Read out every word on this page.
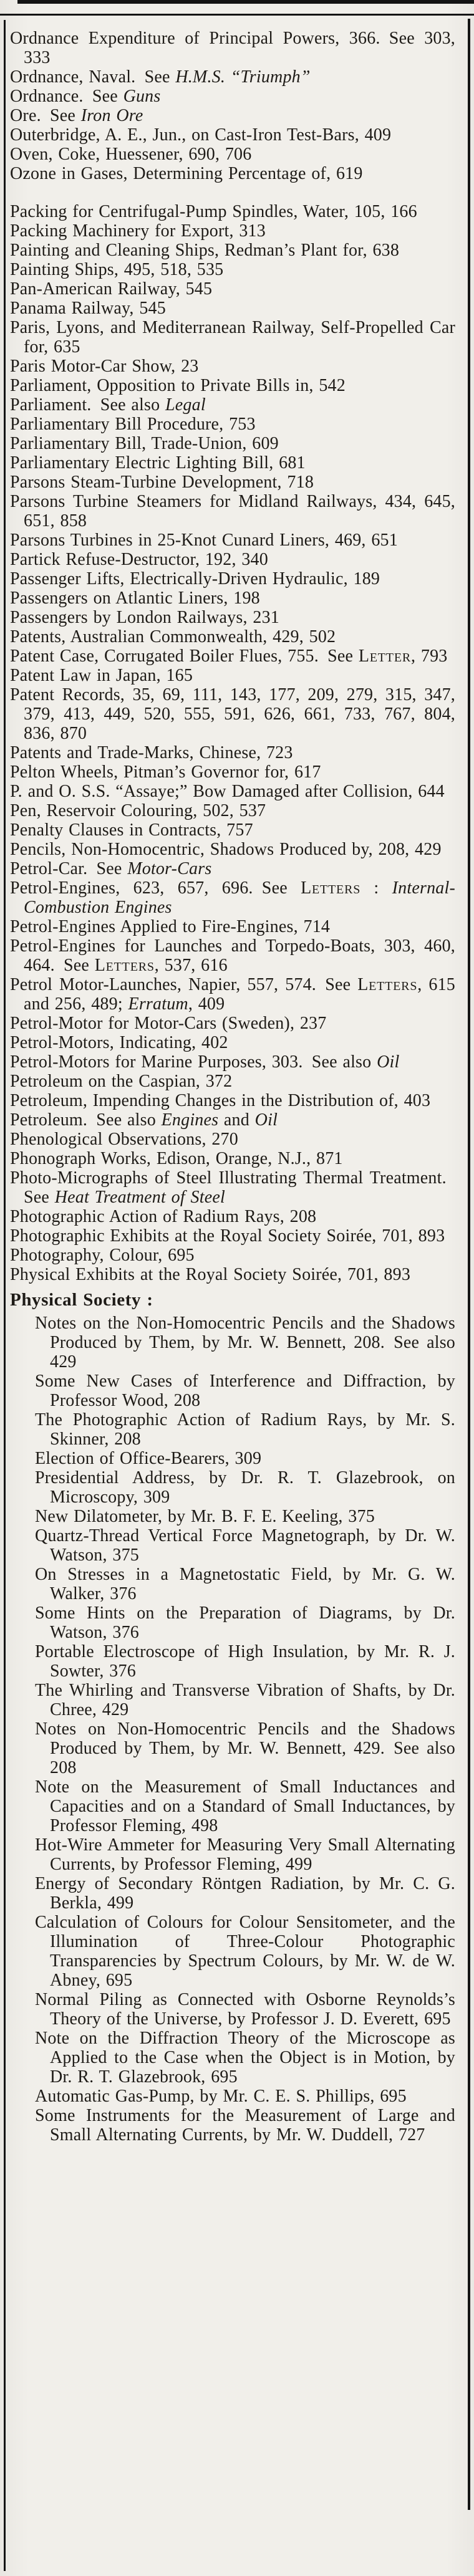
Ordnance Expenditure of Principal Powers, 366. See 303, 333
Ordnance, Naval. See H.M.S. “Triumph”
Ordnance. See Guns
Ore. See Iron Ore
Outerbridge, A. E., Jun., on Cast-Iron Test-Bars, 409
Oven, Coke, Huessener, 690, 706
Ozone in Gases, Determining Percentage of, 619
Packing for Centrifugal-Pump Spindles, Water, 105, 166
Packing Machinery for Export, 313
Painting and Cleaning Ships, Redman’s Plant for, 638
Painting Ships, 495, 518, 535
Pan-American Railway, 545
Panama Railway, 545
Paris, Lyons, and Mediterranean Railway, Self-Propelled Car for, 635
Paris Motor-Car Show, 23
Parliament, Opposition to Private Bills in, 542
Parliament. See also Legal
Parliamentary Bill Procedure, 753
Parliamentary Bill, Trade-Union, 609
Parliamentary Electric Lighting Bill, 681
Parsons Steam-Turbine Development, 718
Parsons Turbine Steamers for Midland Railways, 434, 645, 651, 858
Parsons Turbines in 25-Knot Cunard Liners, 469, 651
Partick Refuse-Destructor, 192, 340
Passenger Lifts, Electrically-Driven Hydraulic, 189
Passengers on Atlantic Liners, 198
Passengers by London Railways, 231
Patents, Australian Commonwealth, 429, 502
Patent Case, Corrugated Boiler Flues, 755. See Letter, 793
Patent Law in Japan, 165
Patent Records, 35, 69, 111, 143, 177, 209, 279, 315, 347, 379, 413, 449, 520, 555, 591, 626, 661, 733, 767, 804, 836, 870
Patents and Trade-Marks, Chinese, 723
Pelton Wheels, Pitman’s Governor for, 617
P. and O. S.S. “Assaye;” Bow Damaged after Collision, 644
Pen, Reservoir Colouring, 502, 537
Penalty Clauses in Contracts, 757
Pencils, Non-Homocentric, Shadows Produced by, 208, 429
Petrol-Car. See Motor-Cars
Petrol-Engines, 623, 657, 696. See Letters : Internal-Combustion Engines
Petrol-Engines Applied to Fire-Engines, 714
Petrol-Engines for Launches and Torpedo-Boats, 303, 460, 464. See Letters, 537, 616
Petrol Motor-Launches, Napier, 557, 574. See Letters, 615 and 256, 489; Erratum, 409
Petrol-Motor for Motor-Cars (Sweden), 237
Petrol-Motors, Indicating, 402
Petrol-Motors for Marine Purposes, 303. See also Oil
Petroleum on the Caspian, 372
Petroleum, Impending Changes in the Distribution of, 403
Petroleum. See also Engines and Oil
Phenological Observations, 270
Phonograph Works, Edison, Orange, N.J., 871
Photo-Micrographs of Steel Illustrating Thermal Treatment. See Heat Treatment of Steel
Photographic Action of Radium Rays, 208
Photographic Exhibits at the Royal Society Soirée, 701, 893
Photography, Colour, 695
Physical Exhibits at the Royal Society Soirée, 701, 893
Physical Society :
Notes on the Non-Homocentric Pencils and the Shadows Produced by Them, by Mr. W. Bennett, 208. See also 429
Some New Cases of Interference and Diffraction, by Professor Wood, 208
The Photographic Action of Radium Rays, by Mr. S. Skinner, 208
Election of Office-Bearers, 309
Presidential Address, by Dr. R. T. Glazebrook, on Microscopy, 309
New Dilatometer, by Mr. B. F. E. Keeling, 375
Quartz-Thread Vertical Force Magnetograph, by Dr. W. Watson, 375
On Stresses in a Magnetostatic Field, by Mr. G. W. Walker, 376
Some Hints on the Preparation of Diagrams, by Dr. Watson, 376
Portable Electroscope of High Insulation, by Mr. R. J. Sowter, 376
The Whirling and Transverse Vibration of Shafts, by Dr. Chree, 429
Notes on Non-Homocentric Pencils and the Shadows Produced by Them, by Mr. W. Bennett, 429. See also 208
Note on the Measurement of Small Inductances and Capacities and on a Standard of Small Inductances, by Professor Fleming, 498
Hot-Wire Ammeter for Measuring Very Small Alternating Currents, by Professor Fleming, 499
Energy of Secondary Röntgen Radiation, by Mr. C. G. Berkla, 499
Calculation of Colours for Colour Sensitometer, and the Illumination of Three-Colour Photographic Transparencies by Spectrum Colours, by Mr. W. de W. Abney, 695
Normal Piling as Connected with Osborne Reynolds’s Theory of the Universe, by Professor J. D. Everett, 695
Note on the Diffraction Theory of the Microscope as Applied to the Case when the Object is in Motion, by Dr. R. T. Glazebrook, 695
Automatic Gas-Pump, by Mr. C. E. S. Phillips, 695
Some Instruments for the Measurement of Large and Small Alternating Currents, by Mr. W. Duddell, 727
